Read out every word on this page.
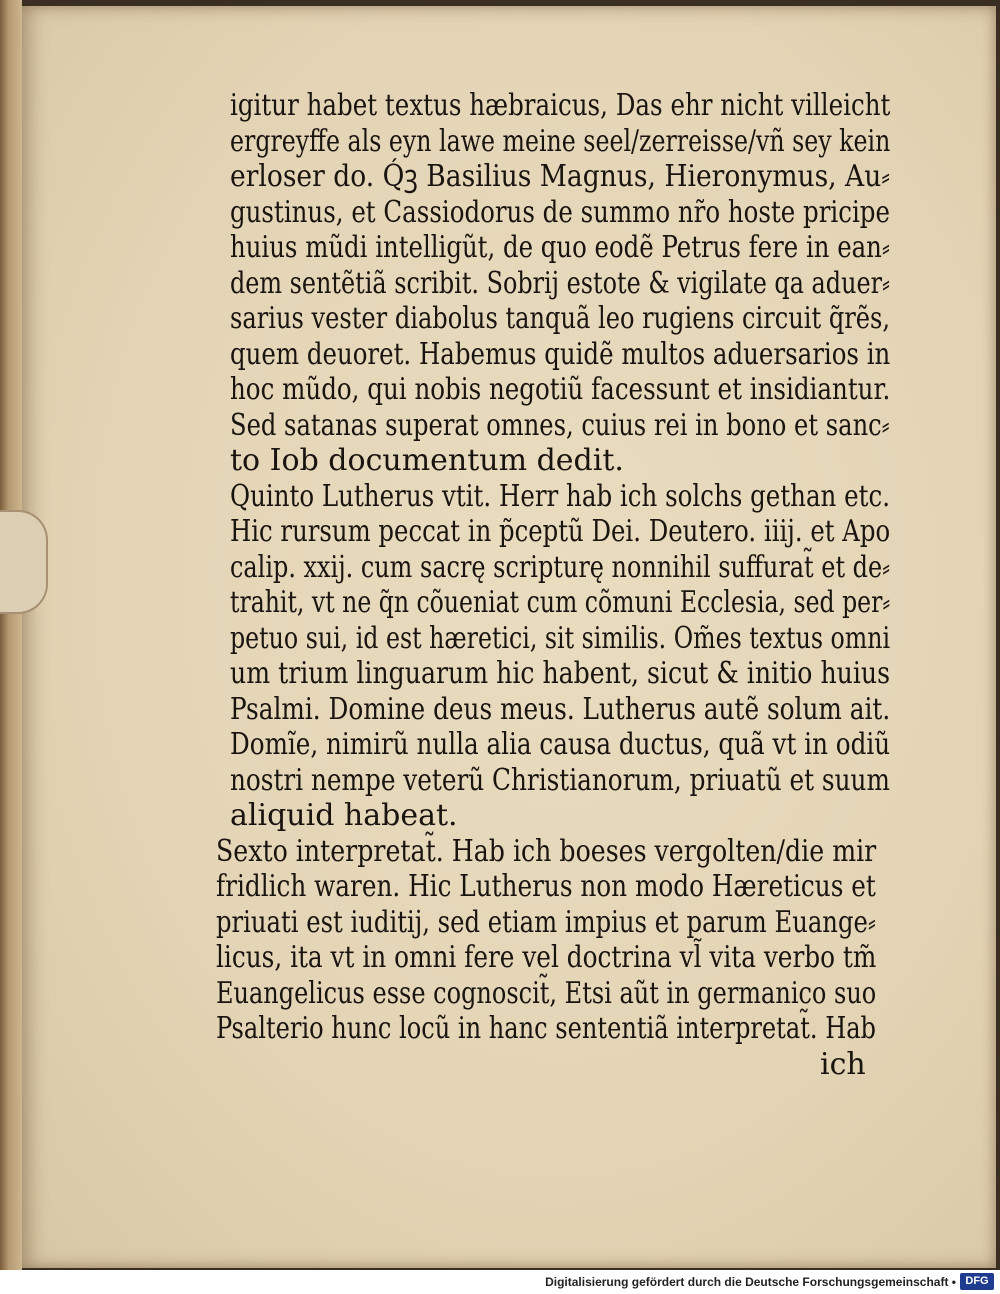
igitur habet textus hæbraicus, Das ehr nicht villeicht
ergreyffe als eyn lawe meine seel/zerreisse/vñ sey kein
erloser do. Q́ꝫ Basilius Magnus, Hieronymus, Au⸗
gustinus, et Cassiodorus de summo nr̃o hoste pricipe
huius mũdi intelligũt, de quo eodẽ Petrus fere in ean⸗
dem sentẽtiã scribit. Sobrij estote & vigilate qa aduer⸗
sarius vester diabolus tanquã leo rugiens circuit q̃rẽs,
quem deuoret. Habemus quidẽ multos aduersarios in
hoc mũdo, qui nobis negotiũ facessunt et insidiantur.
Sed satanas superat omnes, cuius rei in bono et sanc⸗
to Iob documentum dedit.
Quinto Lutherus vtit. Herr hab ich solchs gethan etc.
Hic rursum peccat in p̃ceptũ Dei. Deutero. iiij. et Apo
calip. xxij. cum sacrę scripturę nonnihil suffurat̃ et de⸗
trahit, vt ne q̃n cõueniat cum cõmuni Ecclesia, sed per⸗
petuo sui, id est hæretici, sit similis. Om̃es textus omni
um trium linguarum hic habent, sicut & initio huius
Psalmi. Domine deus meus. Lutherus autẽ solum ait.
Domĩe, nimirũ nulla alia causa ductus, quã vt in odiũ
nostri nempe veterũ Christianorum, priuatũ et suum
aliquid habeat.
Sexto interpretat̃. Hab ich boeses vergolten/die mir
fridlich waren. Hic Lutherus non modo Hæreticus et
priuati est iuditij, sed etiam impius et parum Euange⸗
licus, ita vt in omni fere vel doctrina vl̃ vita verbo tm̃
Euangelicus esse cognoscit̃, Etsi aũt in germanico suo
Psalterio hunc locũ in hanc sententiã interpretat̃. Hab
ich
Digitalisierung gefördert durch die Deutsche Forschungsgemeinschaft • DFG
